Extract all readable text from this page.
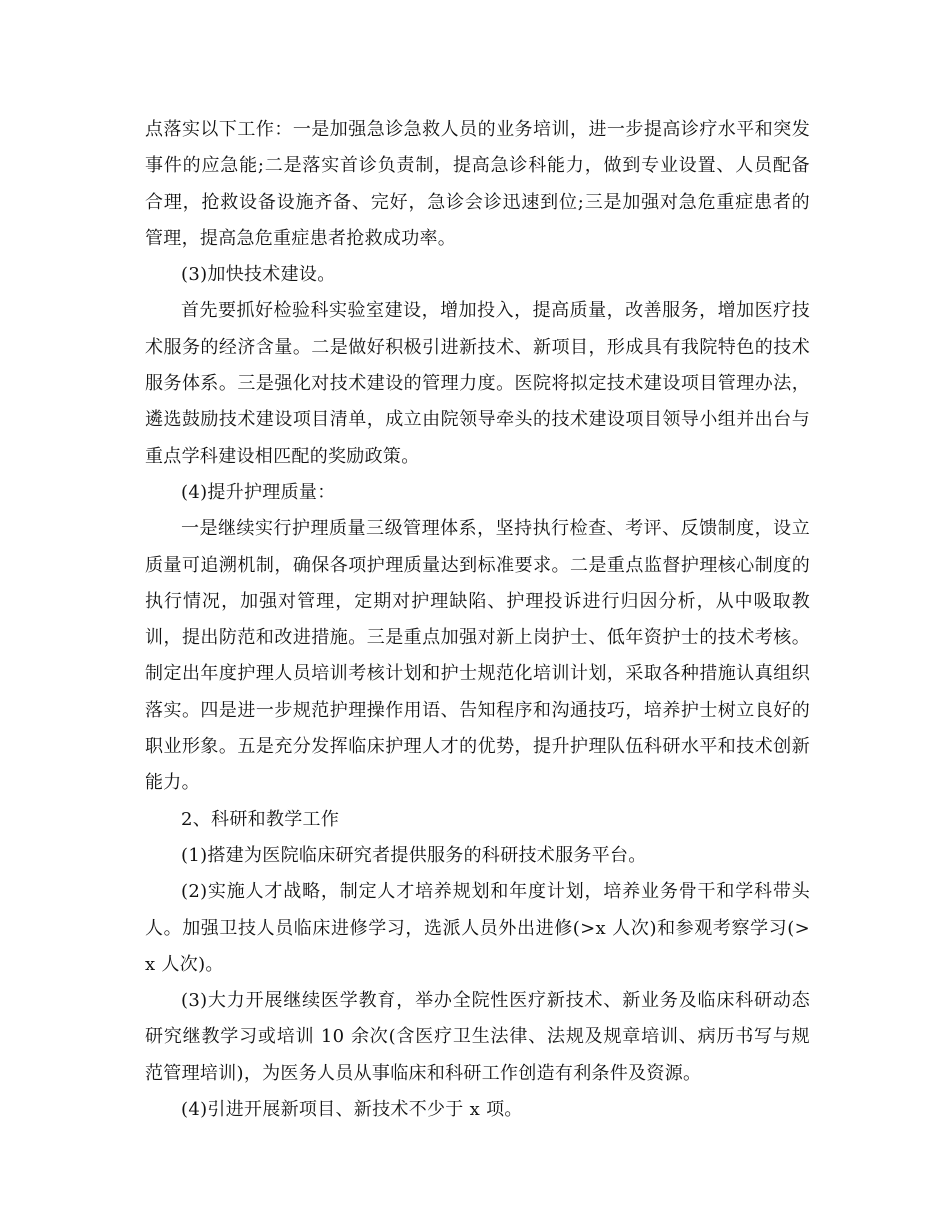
点落实以下工作：一是加强急诊急救人员的业务培训，进一步提高诊疗水平和突发事件的应急能;二是落实首诊负责制，提高急诊科能力，做到专业设置、人员配备合理，抢救设备设施齐备、完好，急诊会诊迅速到位;三是加强对急危重症患者的管理，提高急危重症患者抢救成功率。

(3)加快技术建设。

首先要抓好检验科实验室建设，增加投入，提高质量，改善服务，增加医疗技术服务的经济含量。二是做好积极引进新技术、新项目，形成具有我院特色的技术服务体系。三是强化对技术建设的管理力度。医院将拟定技术建设项目管理办法，遴选鼓励技术建设项目清单，成立由院领导牵头的技术建设项目领导小组并出台与重点学科建设相匹配的奖励政策。

(4)提升护理质量：

一是继续实行护理质量三级管理体系，坚持执行检查、考评、反馈制度，设立质量可追溯机制，确保各项护理质量达到标准要求。二是重点监督护理核心制度的执行情况，加强对管理，定期对护理缺陷、护理投诉进行归因分析，从中吸取教训，提出防范和改进措施。三是重点加强对新上岗护士、低年资护士的技术考核。制定出年度护理人员培训考核计划和护士规范化培训计划，采取各种措施认真组织落实。四是进一步规范护理操作用语、告知程序和沟通技巧，培养护士树立良好的职业形象。五是充分发挥临床护理人才的优势，提升护理队伍科研水平和技术创新能力。

2、科研和教学工作

(1)搭建为医院临床研究者提供服务的科研技术服务平台。

(2)实施人才战略，制定人才培养规划和年度计划，培养业务骨干和学科带头人。加强卫技人员临床进修学习，选派人员外出进修(>x 人次)和参观考察学习(>x 人次)。

(3)大力开展继续医学教育，举办全院性医疗新技术、新业务及临床科研动态研究继教学习或培训 10 余次(含医疗卫生法律、法规及规章培训、病历书写与规范管理培训)，为医务人员从事临床和科研工作创造有利条件及资源。

(4)引进开展新项目、新技术不少于 x 项。
